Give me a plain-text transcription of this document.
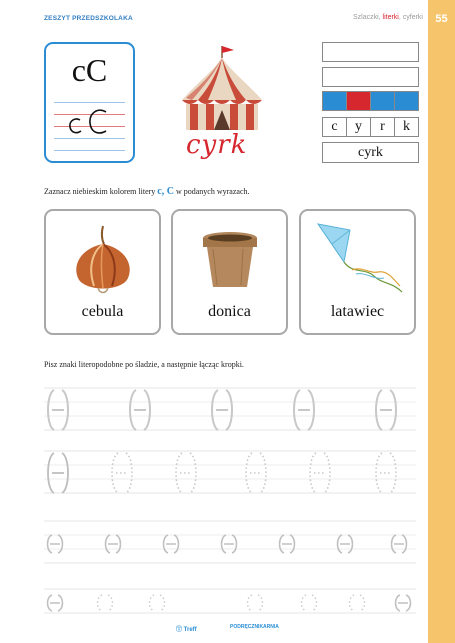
55
ZESZYT PRZEDSZKOLAKA	Szlaczki, literki, cyferki
cC
cyrk
c	y	r	k
cyrk
Zaznacz niebieskim kolorem litery c, C w podanych wyrazach.
cebula	donica	latawiec
Pisz znaki literopodobne po śladzie, a następnie łącząc kropki.
Ⓣ Treff	PODRĘCZNIKARNIA
